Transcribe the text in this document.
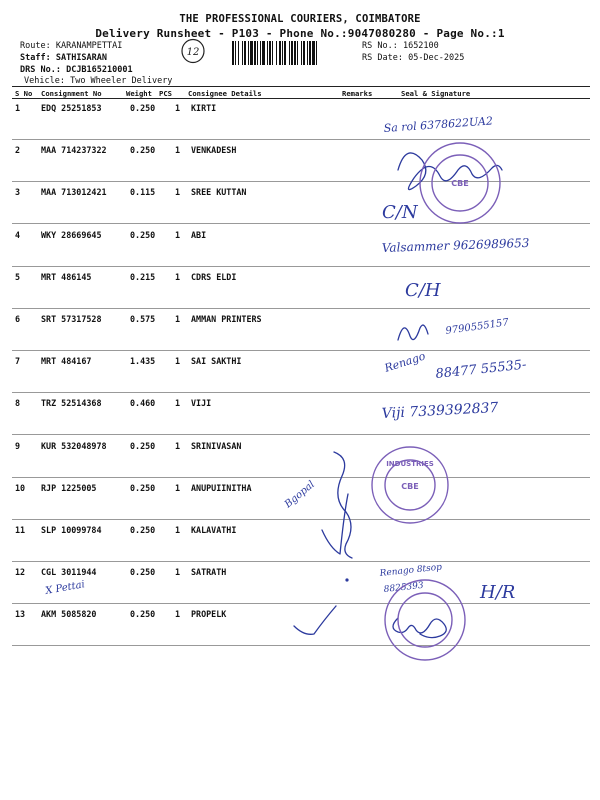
THE PROFESSIONAL COURIERS, COIMBATORE
Delivery Runsheet - P103 - Phone No.:9047080280 - Page No.:1
Route: KARANAMPETTAI
Staff: SATHISARAN
DRS No.: DCJB165210001
Vehicle: Two Wheeler Delivery
RS No.: 1652100
RS Date: 05-Dec-2025
12
S No Consignment No	Weight PCS Consignee Details	Remarks	Seal & Signature
1 EDQ 25251853	0.250 1 KIRTI
2 MAA 714237322	0.250 1 VENKADESH
3 MAA 713012421	0.115 1 SREE KUTTAN
4 WKY 28669645	0.250 1 ABI
5 MRT 486145	0.215 1 CDRS ELDI
6 SRT 57317528	0.575 1 AMMAN PRINTERS
7 MRT 484167	1.435 1 SAI SAKTHI
8 TRZ 52514368	0.460 1 VIJI
9 KUR 532048978	0.250 1 SRINIVASAN
10 RJP 1225005	0.250 1 ANUPUIINITHA
11 SLP 10099784	0.250 1 KALAVATHI
12 CGL 3011944	0.250 1 SATRATH
13 AKM 5085820	0.250 1 PROPELK
Sa rol 6378622UA2
C/N
Valsammer 9626989653
C/H
9790555157
Renago 88477 55535-
Viji 7339392837
Bgopal
Renago 8tsop
8825393	H/R
X Pettai
CBE
INDUSTRIES
CBE
